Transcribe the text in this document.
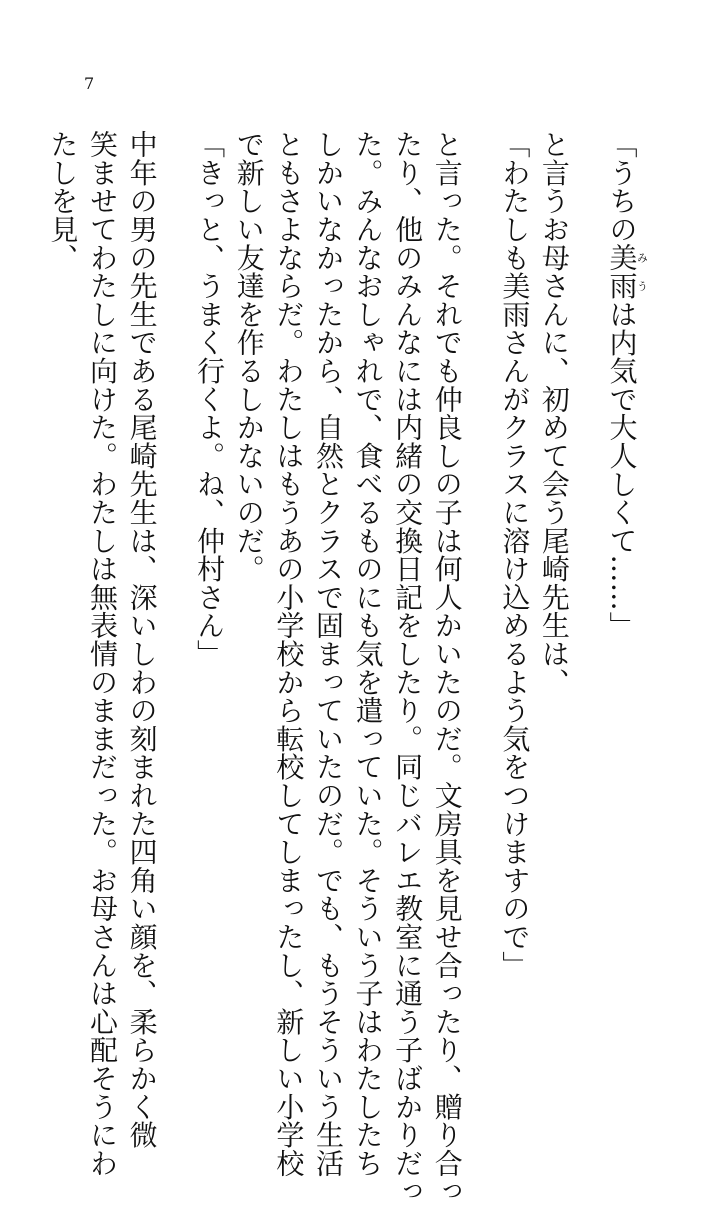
7
「うちの美雨みうは内気で大人しくて……」
と言うお母さんに、初めて会う尾崎先生は、
「わたしも美雨さんがクラスに溶け込めるよう気をつけますので」
と言った。それでも仲良しの子は何人かいたのだ。文房具を見せ合ったり、贈り合っ
たり、他のみんなには内緒の交換日記をしたり。同じバレエ教室に通う子ばかりだっ
た。みんなおしゃれで、食べるものにも気を遣っていた。そういう子はわたしたち
しかいなかったから、自然とクラスで固まっていたのだ。でも、もうそういう生活
ともさよならだ。わたしはもうあの小学校から転校してしまったし、新しい小学校
で新しい友達を作るしかないのだ。
「きっと、うまく行くよ。ね、仲村さん」
中年の男の先生である尾崎先生は、深いしわの刻まれた四角い顔を、柔らかく微
笑ませてわたしに向けた。わたしは無表情のままだった。お母さんは心配そうにわ
たしを見、
